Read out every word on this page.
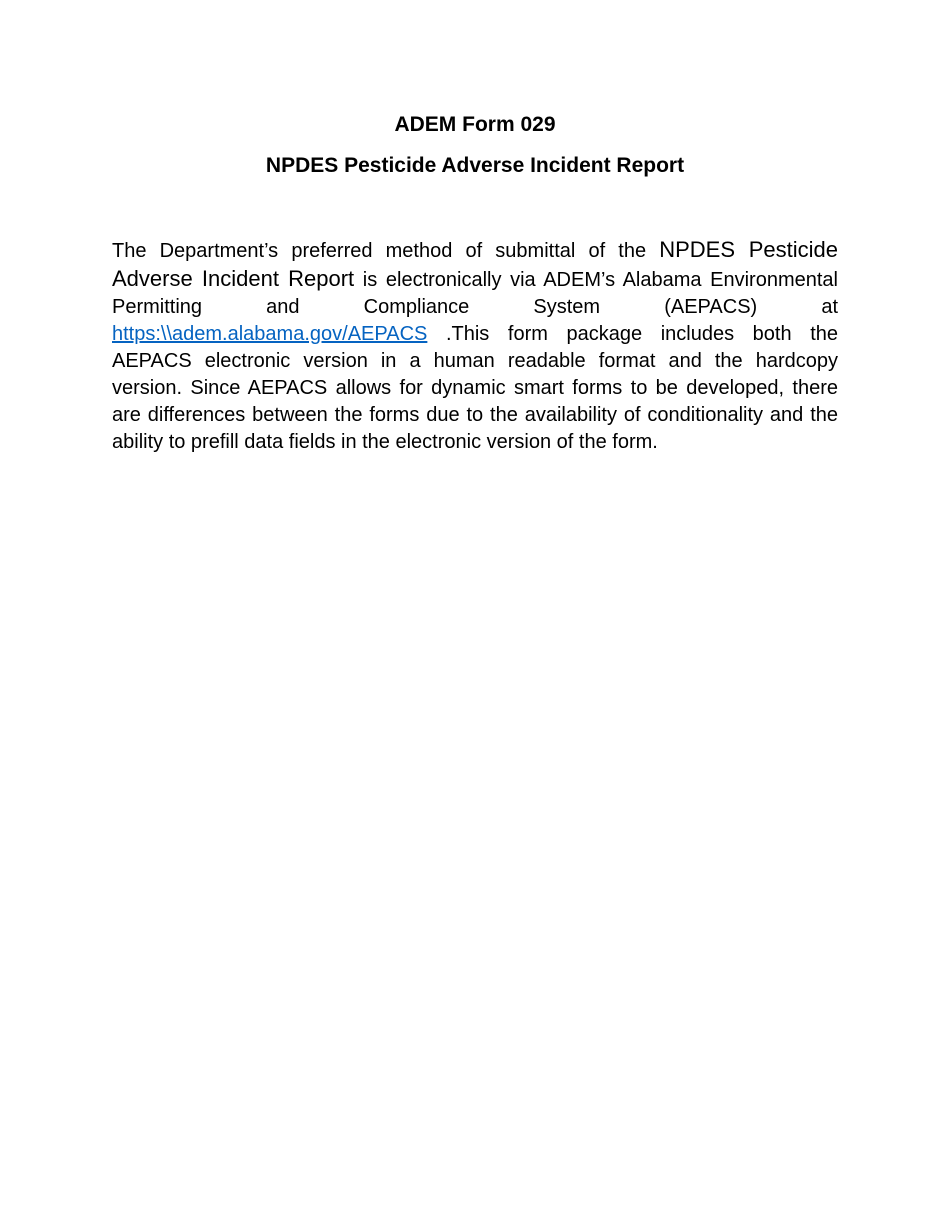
ADEM Form 029
NPDES Pesticide Adverse Incident Report

The Department’s preferred method of submittal of the NPDES Pesticide Adverse Incident Report is electronically via ADEM’s Alabama Environmental Permitting and Compliance System (AEPACS) at https:\\adem.alabama.gov/AEPACS .This form package includes both the AEPACS electronic version in a human readable format and the hardcopy version. Since AEPACS allows for dynamic smart forms to be developed, there are differences between the forms due to the availability of conditionality and the ability to prefill data fields in the electronic version of the form.
